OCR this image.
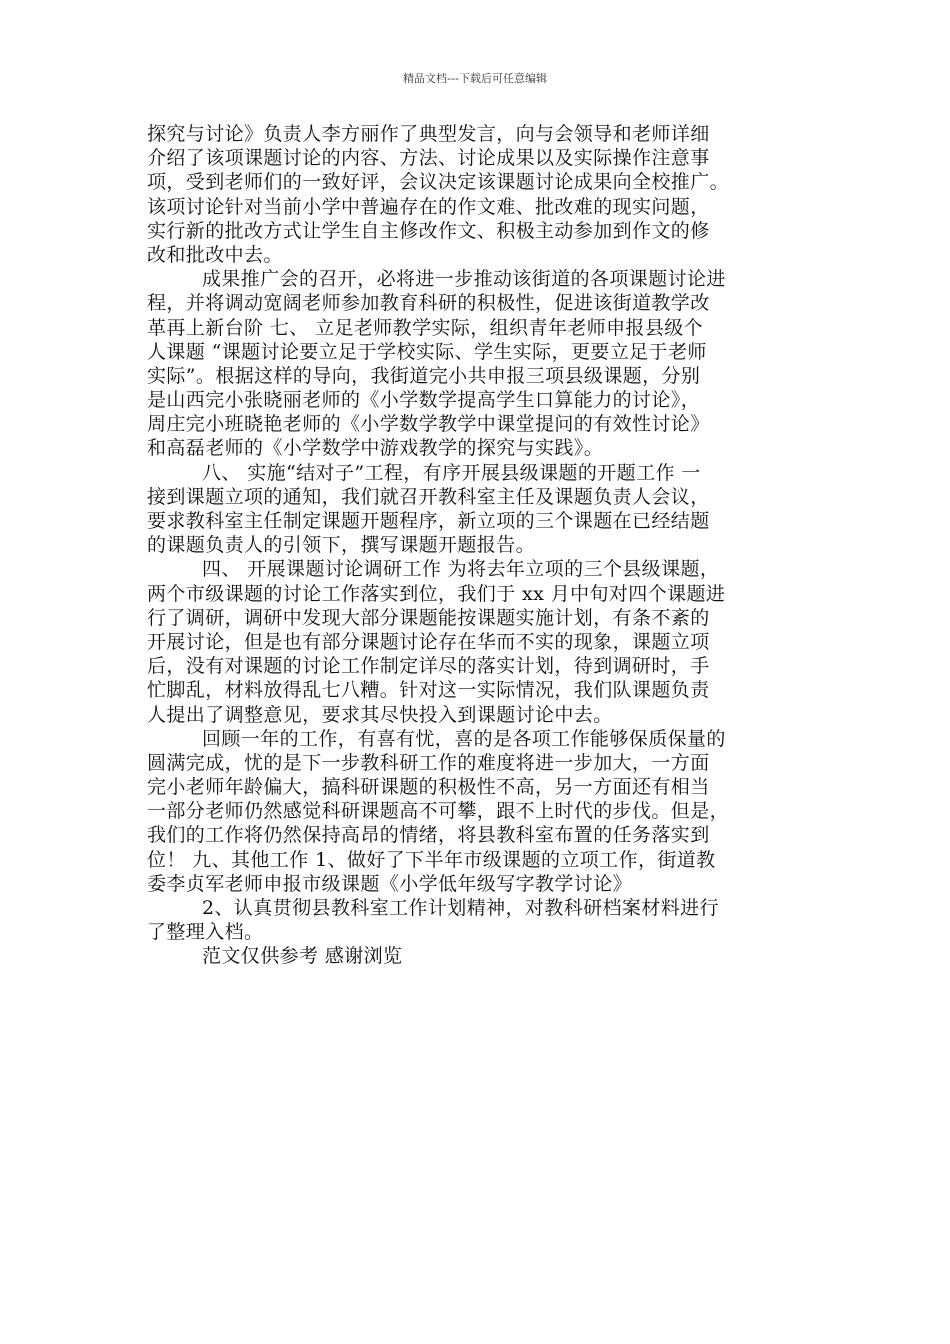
精品文档---下载后可任意编辑
探究与讨论》负责人李方丽作了典型发言，向与会领导和老师详细
介绍了该项课题讨论的内容、方法、讨论成果以及实际操作注意事
项，受到老师们的一致好评，会议决定该课题讨论成果向全校推广。
该项讨论针对当前小学中普遍存在的作文难、批改难的现实问题，
实行新的批改方式让学生自主修改作文、积极主动参加到作文的修
改和批改中去。
成果推广会的召开，必将进一步推动该街道的各项课题讨论进
程，并将调动宽阔老师参加教育科研的积极性，促进该街道教学改
革再上新台阶 七、 立足老师教学实际，组织青年老师申报县级个
人课题 “课题讨论要立足于学校实际、学生实际，更要立足于老师
实际”。根据这样的导向，我街道完小共申报三项县级课题，分别
是山西完小张晓丽老师的《小学数学提高学生口算能力的讨论》，
周庄完小班晓艳老师的《小学数学教学中课堂提问的有效性讨论》
和高磊老师的《小学数学中游戏教学的探究与实践》。
八、 实施“结对子”工程，有序开展县级课题的开题工作 一
接到课题立项的通知，我们就召开教科室主任及课题负责人会议，
要求教科室主任制定课题开题程序，新立项的三个课题在已经结题
的课题负责人的引领下，撰写课题开题报告。
四、 开展课题讨论调研工作 为将去年立项的三个县级课题，
两个市级课题的讨论工作落实到位，我们于 xx 月中旬对四个课题进
行了调研，调研中发现大部分课题能按课题实施计划，有条不紊的
开展讨论，但是也有部分课题讨论存在华而不实的现象，课题立项
后，没有对课题的讨论工作制定详尽的落实计划，待到调研时，手
忙脚乱，材料放得乱七八糟。针对这一实际情况，我们队课题负责
人提出了调整意见，要求其尽快投入到课题讨论中去。
回顾一年的工作，有喜有忧，喜的是各项工作能够保质保量的
圆满完成，忧的是下一步教科研工作的难度将进一步加大，一方面
完小老师年龄偏大，搞科研课题的积极性不高，另一方面还有相当
一部分老师仍然感觉科研课题高不可攀，跟不上时代的步伐。但是，
我们的工作将仍然保持高昂的情绪，将县教科室布置的任务落实到
位！ 九、其他工作 1、做好了下半年市级课题的立项工作，街道教
委李贞军老师申报市级课题《小学低年级写字教学讨论》
2、认真贯彻县教科室工作计划精神，对教科研档案材料进行
了整理入档。
范文仅供参考 感谢浏览
